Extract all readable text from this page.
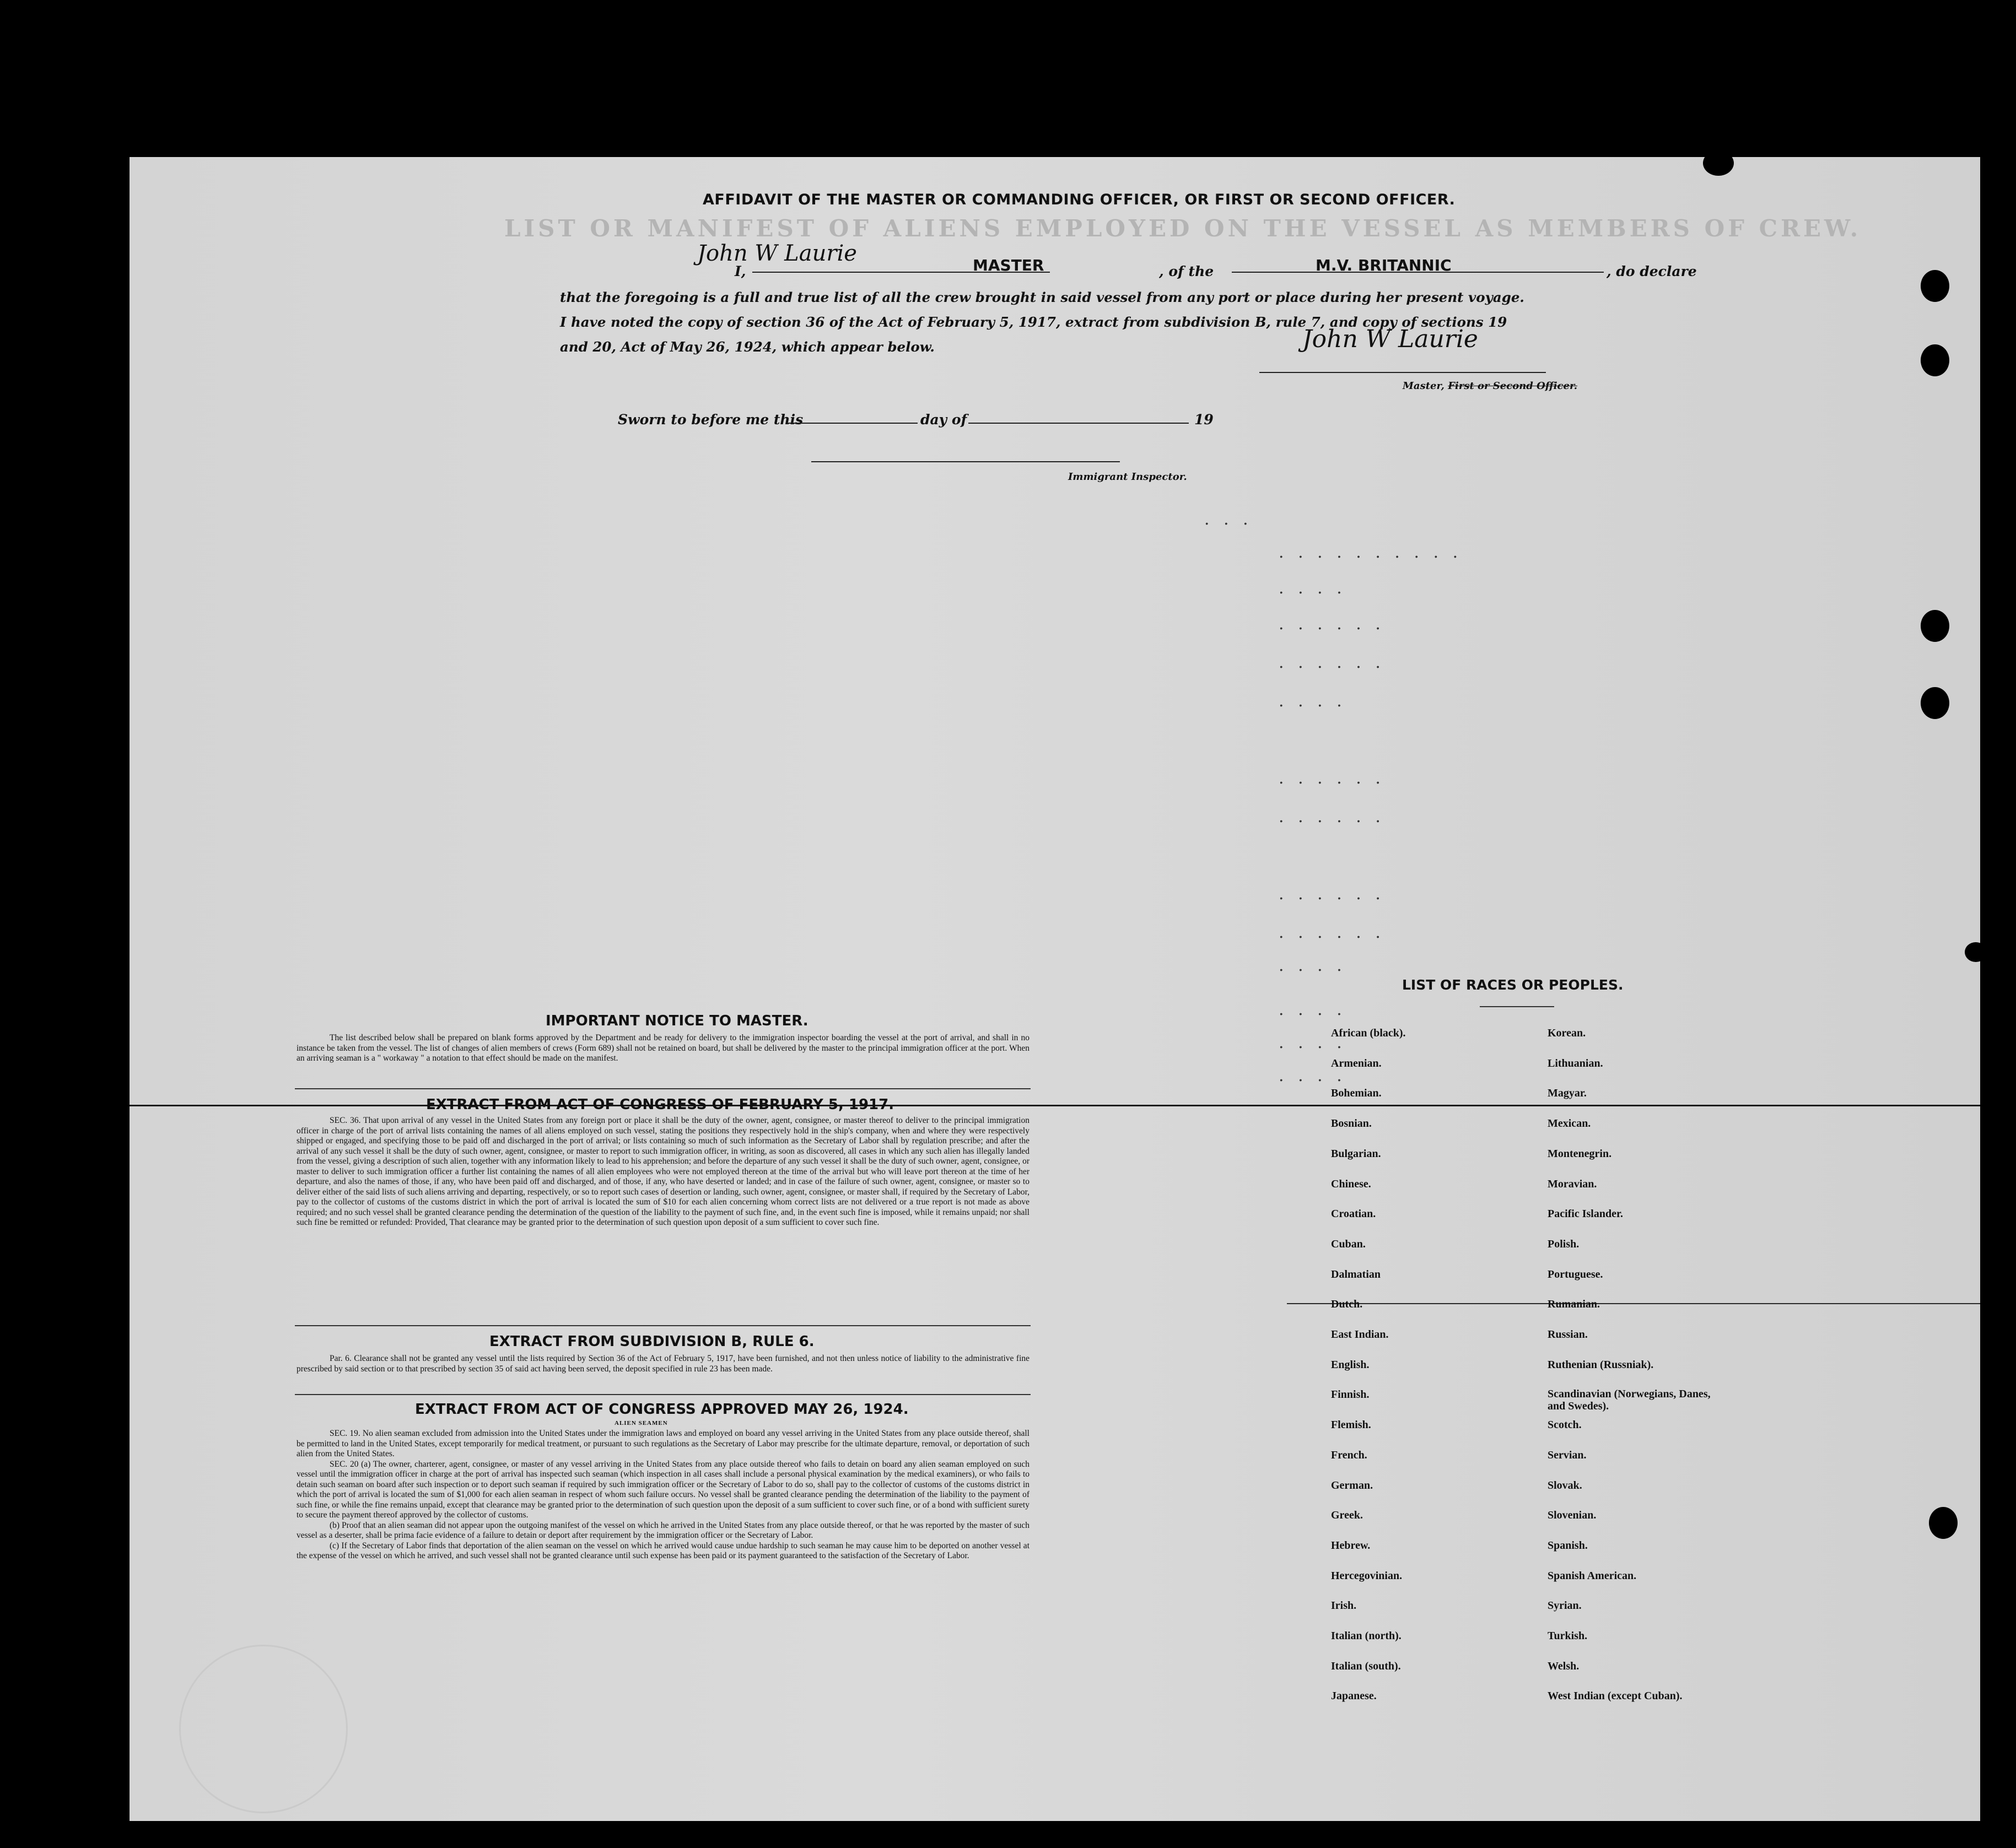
LIST OR MANIFEST OF ALIENS EMPLOYED ON THE VESSEL AS MEMBERS OF CREW.
. . .
. . . . . . . . . .
. . . .
. . . . . .
. . . . . .
. . . .
. . . . . .
. . . . . .
. . . . . .
. . . . . .
. . . .
. . . .
. . . .
. . . .
AFFIDAVIT OF THE MASTER OR COMMANDING OFFICER, OR FIRST OR SECOND OFFICER.
I,
John W Laurie	MASTER	, of the	M.V. BRITANNIC	, do declare
that the foregoing is a full and true list of all the crew brought in said vessel from any port or place during her present voyage.
I have noted the copy of section 36 of the Act of February 5, 1917, extract from subdivision B, rule 7, and copy of sections 19
and 20, Act of May 26, 1924, which appear below.	John W Laurie
Master, First or Second Officer.
Sworn to before me this	day of	19
Immigrant Inspector.
IMPORTANT NOTICE TO MASTER.

The list described below shall be prepared on blank forms approved by the Department and be ready for delivery to the immigration inspector boarding the vessel at the port of arrival, and shall in no instance be taken from the vessel. The list of changes of alien members of crews (Form 689) shall not be retained on board, but shall be delivered by the master to the principal immigration officer at the port. When an arriving seaman is a " workaway " a notation to that effect should be made on the manifest.

EXTRACT FROM ACT OF CONGRESS OF FEBRUARY 5, 1917.

SEC. 36. That upon arrival of any vessel in the United States from any foreign port or place it shall be the duty of the owner, agent, consignee, or master thereof to deliver to the principal immigration officer in charge of the port of arrival lists containing the names of all aliens employed on such vessel, stating the positions they respectively hold in the ship's company, when and where they were respectively shipped or engaged, and specifying those to be paid off and discharged in the port of arrival; or lists containing so much of such information as the Secretary of Labor shall by regulation prescribe; and after the arrival of any such vessel it shall be the duty of such owner, agent, consignee, or master to report to such immigration officer, in writing, as soon as discovered, all cases in which any such alien has illegally landed from the vessel, giving a description of such alien, together with any information likely to lead to his apprehension; and before the departure of any such vessel it shall be the duty of such owner, agent, consignee, or master to deliver to such immigration officer a further list containing the names of all alien employees who were not employed thereon at the time of the arrival but who will leave port thereon at the time of her departure, and also the names of those, if any, who have been paid off and discharged, and of those, if any, who have deserted or landed; and in case of the failure of such owner, agent, consignee, or master so to deliver either of the said lists of such aliens arriving and departing, respectively, or so to report such cases of desertion or landing, such owner, agent, consignee, or master shall, if required by the Secretary of Labor, pay to the collector of customs of the customs district in which the port of arrival is located the sum of $10 for each alien concerning whom correct lists are not delivered or a true report is not made as above required; and no such vessel shall be granted clearance pending the determination of the question of the liability to the payment of such fine, and, in the event such fine is imposed, while it remains unpaid; nor shall such fine be remitted or refunded: Provided, That clearance may be granted prior to the determination of such question upon deposit of a sum sufficient to cover such fine.

EXTRACT FROM SUBDIVISION B, RULE 6.

Par. 6. Clearance shall not be granted any vessel until the lists required by Section 36 of the Act of February 5, 1917, have been furnished, and not then unless notice of liability to the administrative fine prescribed by said section or to that prescribed by section 35 of said act having been served, the deposit specified in rule 23 has been made.

EXTRACT FROM ACT OF CONGRESS APPROVED MAY 26, 1924.
ALIEN SEAMEN

SEC. 19. No alien seaman excluded from admission into the United States under the immigration laws and employed on board any vessel arriving in the United States from any place outside thereof, shall be permitted to land in the United States, except temporarily for medical treatment, or pursuant to such regulations as the Secretary of Labor may prescribe for the ultimate departure, removal, or deportation of such alien from the United States.

SEC. 20 (a) The owner, charterer, agent, consignee, or master of any vessel arriving in the United States from any place outside thereof who fails to detain on board any alien seaman employed on such vessel until the immigration officer in charge at the port of arrival has inspected such seaman (which inspection in all cases shall include a personal physical examination by the medical examiners), or who fails to detain such seaman on board after such inspection or to deport such seaman if required by such immigration officer or the Secretary of Labor to do so, shall pay to the collector of customs of the customs district in which the port of arrival is located the sum of $1,000 for each alien seaman in respect of whom such failure occurs. No vessel shall be granted clearance pending the determination of the liability to the payment of such fine, or while the fine remains unpaid, except that clearance may be granted prior to the determination of such question upon the deposit of a sum sufficient to cover such fine, or of a bond with sufficient surety to secure the payment thereof approved by the collector of customs.

(b) Proof that an alien seaman did not appear upon the outgoing manifest of the vessel on which he arrived in the United States from any place outside thereof, or that he was reported by the master of such vessel as a deserter, shall be prima facie evidence of a failure to detain or deport after requirement by the immigration officer or the Secretary of Labor.

(c) If the Secretary of Labor finds that deportation of the alien seaman on the vessel on which he arrived would cause undue hardship to such seaman he may cause him to be deported on another vessel at the expense of the vessel on which he arrived, and such vessel shall not be granted clearance until such expense has been paid or its payment guaranteed to the satisfaction of the Secretary of Labor.

LIST OF RACES OR PEOPLES.
African (black).
Armenian.
Bohemian.
Bosnian.
Bulgarian.
Chinese.
Croatian.
Cuban.
Dalmatian
Dutch.
East Indian.
English.
Finnish.
Flemish.
French.
German.
Greek.
Hebrew.
Hercegovinian.
Irish.
Italian (north).
Italian (south).
Japanese.
Korean.
Lithuanian.
Magyar.
Mexican.
Montenegrin.
Moravian.
Pacific Islander.
Polish.
Portuguese.
Rumanian.
Russian.
Ruthenian (Russniak).
Scandinavian (Norwegians, Danes, and Swedes).
Scotch.
Servian.
Slovak.
Slovenian.
Spanish.
Spanish American.
Syrian.
Turkish.
Welsh.
West Indian (except Cuban).
